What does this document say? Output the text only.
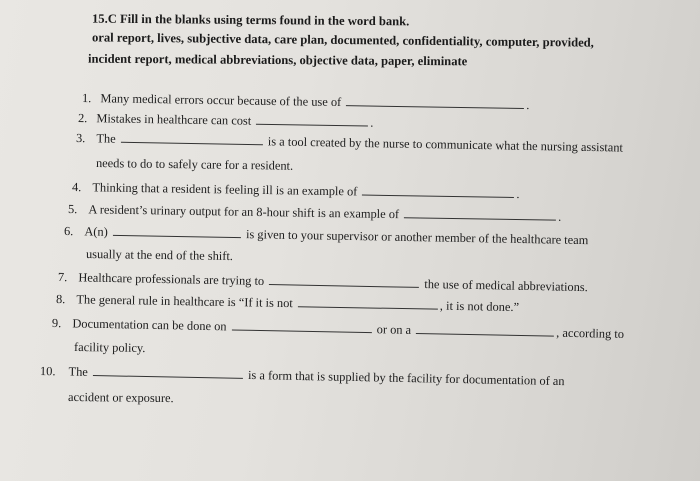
15.C Fill in the blanks using terms found in the word bank.
oral report, lives, subjective data, care plan, documented, confidentiality, computer, provided,
incident report, medical abbreviations, objective data, paper, eliminate
1. Many medical errors occur because of the use of	.
2. Mistakes in healthcare can cost	.
3. The	is a tool created by the nurse to communicate what the nursing assistant
needs to do to safely care for a resident.
4. Thinking that a resident is feeling ill is an example of	.
5. A resident’s urinary output for an 8-hour shift is an example of	.
6. A(n)	is given to your supervisor or another member of the healthcare team
usually at the end of the shift.
7. Healthcare professionals are trying to	the use of medical abbreviations.
8. The general rule in healthcare is “If it is not	, it is not done.”
9. Documentation can be done on	or on a	, according to
facility policy.
10. The	is a form that is supplied by the facility for documentation of an
accident or exposure.
